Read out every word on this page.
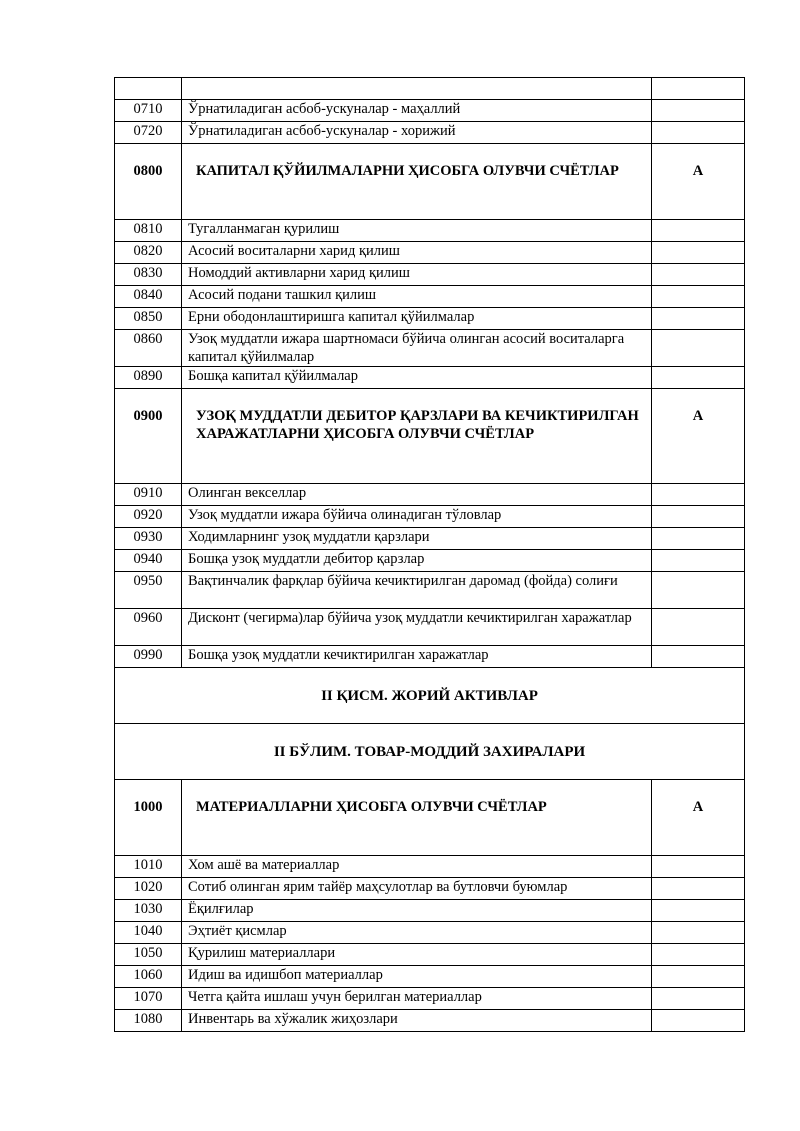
0710	Ўрнатиладиган асбоб-ускуналар - маҳаллий	
0720	Ўрнатиладиган асбоб-ускуналар - хорижий	
0800	КАПИТАЛ ҚЎЙИЛМАЛАРНИ ҲИСОБГА ОЛУВЧИ СЧЁТЛАР	А
0810	Тугалланмаган қурилиш	
0820	Асосий воситаларни харид қилиш	
0830	Номоддий активларни харид қилиш	
0840	Асосий подани ташкил қилиш	
0850	Ерни ободонлаштиришга капитал қўйилмалар	
0860	Узоқ муддатли ижара шартномаси бўйича олинган асосий воситаларга капитал қўйилмалар	
0890	Бошқа капитал қўйилмалар	
0900	УЗОҚ МУДДАТЛИ ДЕБИТОР ҚАРЗЛАРИ ВА КЕЧИКТИРИЛГАН ХАРАЖАТЛАРНИ ҲИСОБГА ОЛУВЧИ СЧЁТЛАР	А
0910	Олинган векселлар	
0920	Узоқ муддатли ижара бўйича олинадиган тўловлар	
0930	Ходимларнинг узоқ муддатли қарзлари	
0940	Бошқа узоқ муддатли дебитор қарзлар	
0950	Вақтинчалик фарқлар бўйича кечиктирилган даромад (фойда) солиғи	
0960	Дисконт (чегирма)лар бўйича узоқ муддатли кечиктирилган харажатлар	
0990	Бошқа узоқ муддатли кечиктирилган харажатлар	
II ҚИСМ. ЖОРИЙ АКТИВЛАР		
II БЎЛИМ. ТОВАР-МОДДИЙ ЗАХИРАЛАРИ		
1000	МАТЕРИАЛЛАРНИ ҲИСОБГА ОЛУВЧИ СЧЁТЛАР	А
1010	Хом ашё ва материаллар	
1020	Сотиб олинган ярим тайёр маҳсулотлар ва бутловчи буюмлар	
1030	Ёқилғилар	
1040	Эҳтиёт қисмлар	
1050	Қурилиш материаллари	
1060	Идиш ва идишбоп материаллар	
1070	Четга қайта ишлаш учун берилган материаллар	
1080	Инвентарь ва хўжалик жиҳозлари	
